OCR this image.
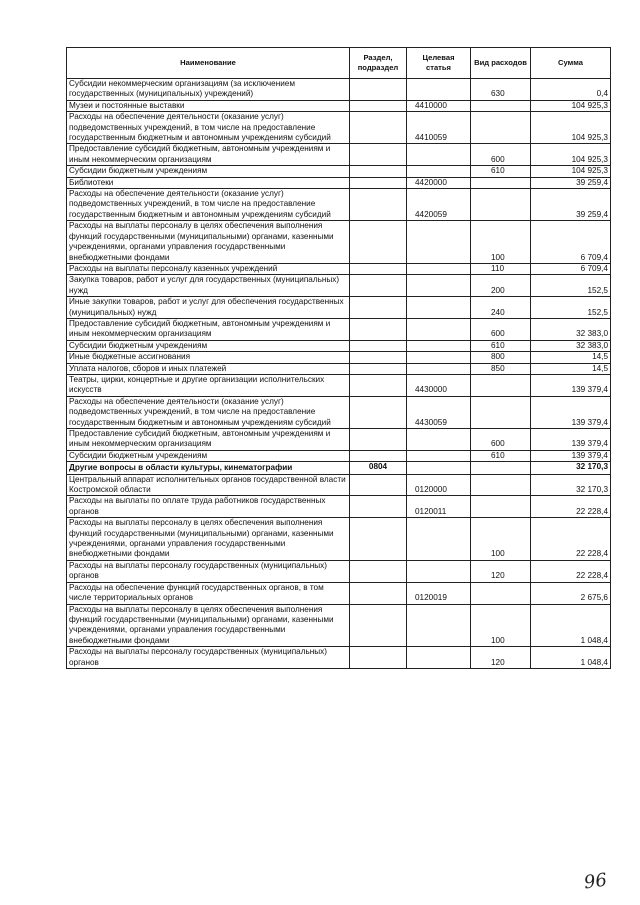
Наименование	Раздел, подраздел	Целевая статья	Вид расходов	Сумма
Субсидии некоммерческим организациям (за исключением государственных (муниципальных) учреждений)			630	0,4
Музеи и постоянные выставки		4410000		104 925,3
Расходы на обеспечение деятельности (оказание услуг) подведомственных учреждений, в том числе на предоставление государственным бюджетным и автономным учреждениям субсидий		4410059		104 925,3
Предоставление субсидий бюджетным, автономным учреждениям и иным некоммерческим организациям			600	104 925,3
Субсидии бюджетным учреждениям			610	104 925,3
Библиотеки		4420000		39 259,4
Расходы на обеспечение деятельности (оказание услуг) подведомственных учреждений, в том числе на предоставление государственным бюджетным и автономным учреждениям субсидий		4420059		39 259,4
Расходы на выплаты персоналу в целях обеспечения выполнения функций государственными (муниципальными) органами, казенными учреждениями, органами управления государственными внебюджетными фондами			100	6 709,4
Расходы на выплаты персоналу казенных учреждений			110	6 709,4
Закупка товаров, работ и услуг для государственных (муниципальных) нужд			200	152,5
Иные закупки товаров, работ и услуг для обеспечения государственных (муниципальных) нужд			240	152,5
Предоставление субсидий бюджетным, автономным учреждениям и иным некоммерческим организациям			600	32 383,0
Субсидии бюджетным учреждениям			610	32 383,0
Иные бюджетные ассигнования			800	14,5
Уплата налогов, сборов и иных платежей			850	14,5
Театры, цирки, концертные и другие организации исполнительских искусств		4430000		139 379,4
Расходы на обеспечение деятельности (оказание услуг) подведомственных учреждений, в том числе на предоставление государственным бюджетным и автономным учреждениям субсидий		4430059		139 379,4
Предоставление субсидий бюджетным, автономным учреждениям и иным некоммерческим организациям			600	139 379,4
Субсидии бюджетным учреждениям			610	139 379,4
Другие вопросы в области культуры, кинематографии	0804			32 170,3
Центральный аппарат исполнительных органов государственной власти Костромской области		0120000		32 170,3
Расходы на выплаты по оплате труда работников государственных органов		0120011		22 228,4
Расходы на выплаты персоналу в целях обеспечения выполнения функций государственными (муниципальными) органами, казенными учреждениями, органами управления государственными внебюджетными фондами			100	22 228,4
Расходы на выплаты персоналу государственных (муниципальных) органов			120	22 228,4
Расходы на обеспечение функций государственных органов, в том числе территориальных органов		0120019		2 675,6
Расходы на выплаты персоналу в целях обеспечения выполнения функций государственными (муниципальными) органами, казенными учреждениями, органами управления государственными внебюджетными фондами			100	1 048,4
Расходы на выплаты персоналу государственных (муниципальных) органов			120	1 048,4
96
